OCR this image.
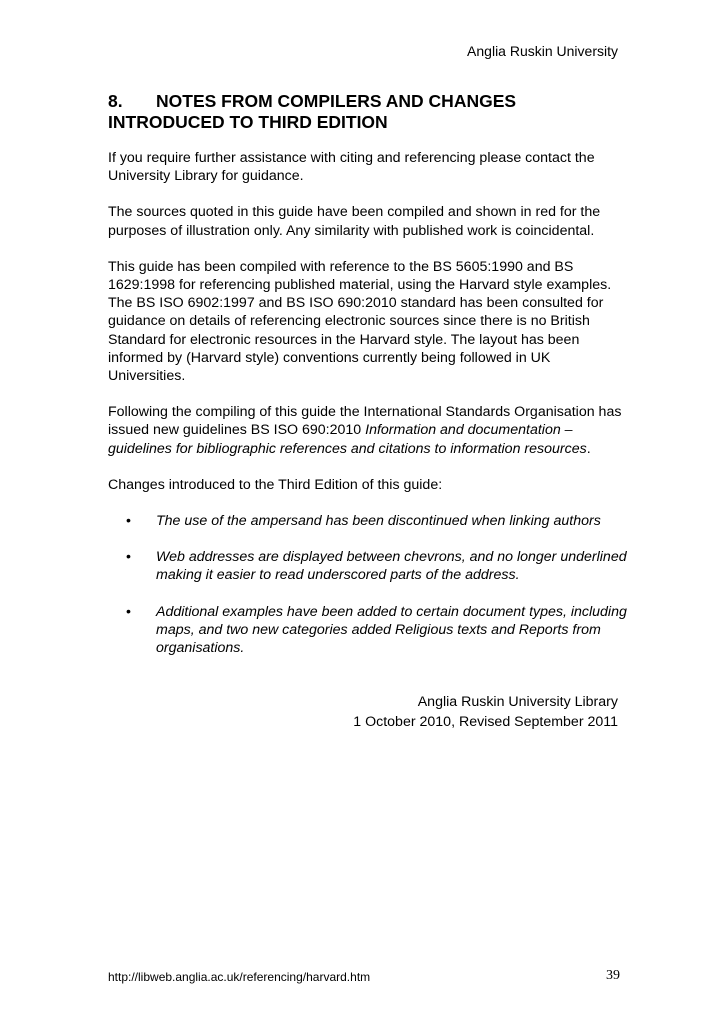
Anglia Ruskin University
8. NOTES FROM COMPILERS AND CHANGES
INTRODUCED TO THIRD EDITION

If you require further assistance with citing and referencing please contact the University Library for guidance.

The sources quoted in this guide have been compiled and shown in red for the purposes of illustration only. Any similarity with published work is coincidental.

This guide has been compiled with reference to the BS 5605:1990 and BS 1629:1998 for referencing published material, using the Harvard style examples. The BS ISO 6902:1997 and BS ISO 690:2010 standard has been consulted for guidance on details of referencing electronic sources since there is no British Standard for electronic resources in the Harvard style. The layout has been informed by (Harvard style) conventions currently being followed in UK Universities.

Following the compiling of this guide the International Standards Organisation has issued new guidelines BS ISO 690:2010 Information and documentation – guidelines for bibliographic references and citations to information resources.

Changes introduced to the Third Edition of this guide:

• The use of the ampersand has been discontinued when linking authors
• Web addresses are displayed between chevrons, and no longer underlined making it easier to read underscored parts of the address.
• Additional examples have been added to certain document types, including maps, and two new categories added Religious texts and Reports from organisations.
Anglia Ruskin University Library
1 October 2010, Revised September 2011
http://libweb.anglia.ac.uk/referencing/harvard.htm	39
